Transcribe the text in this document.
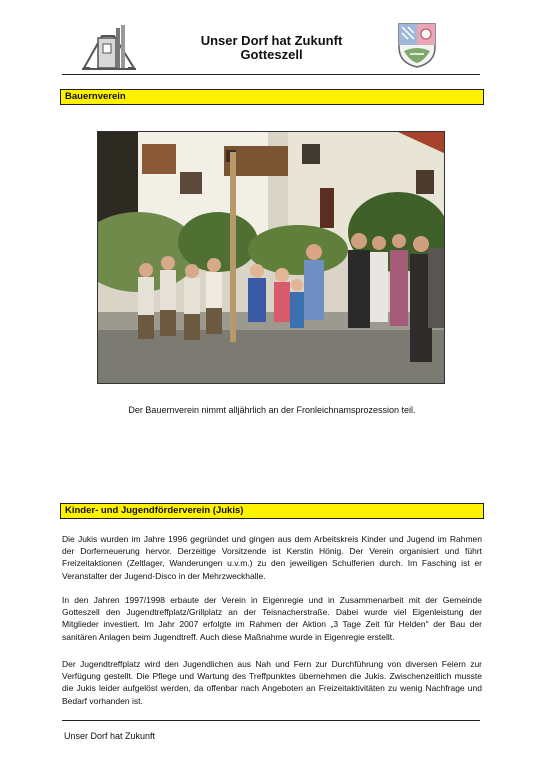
Unser Dorf hat Zukunft
Gotteszell
Bauernverein
Der Bauernverein nimmt alljährlich an der Fronleichnamsprozession teil.
Kinder- und Jugendförderverein (Jukis)

Die Jukis wurden im Jahre 1996 gegründet und gingen aus dem Arbeitskreis Kinder und Jugend im Rahmen der Dorferneuerung hervor. Derzeitige Vorsitzende ist Kerstin Hönig. Der Verein organisiert und führt Freizeitaktionen (Zeltlager, Wanderungen u.v.m.) zu den jeweiligen Schulferien durch. Im Fasching ist er Veranstalter der Jugend-Disco in der Mehrzweckhalle.

In den Jahren 1997/1998 erbaute der Verein in Eigenregie und in Zusammenarbeit mit der Gemeinde Gotteszell den Jugendtreffplatz/Grillplatz an der Teisnacherstraße. Dabei wurde viel Eigenleistung der Mitglieder investiert. Im Jahr 2007 erfolgte im Rahmen der Aktion „3 Tage Zeit für Helden" der Bau der sanitären Anlagen beim Jugendtreff. Auch diese Maßnahme wurde in Eigenregie erstellt.

Der Jugendtreffplatz wird den Jugendlichen aus Nah und Fern zur Durchführung von diversen Feiern zur Verfügung gestellt. Die Pflege und Wartung des Treffpunktes übernehmen die Jukis. Zwischenzeitlich musste die Jukis leider aufgelöst werden, da offenbar nach Angeboten an Freizeitaktivitäten zu wenig Nachfrage und Bedarf vorhanden ist.

Unser Dorf hat Zukunft
